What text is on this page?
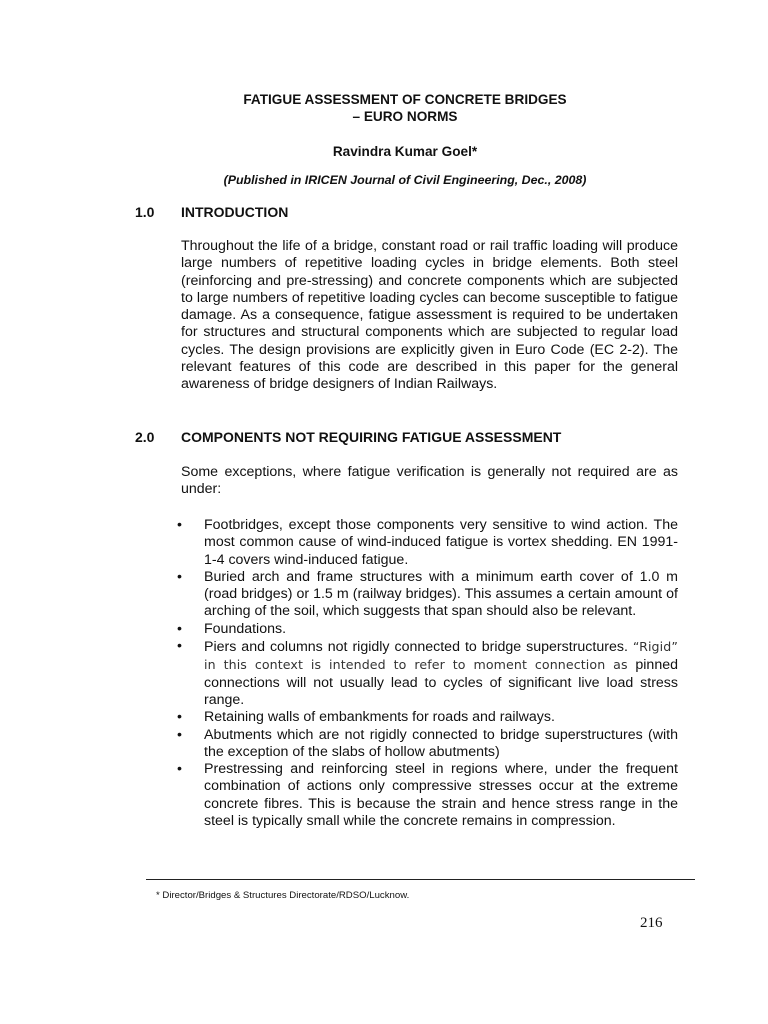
FATIGUE ASSESSMENT OF CONCRETE BRIDGES
– EURO NORMS
Ravindra Kumar Goel*
(Published in IRICEN Journal of Civil Engineering, Dec., 2008)
1.0 INTRODUCTION

Throughout the life of a bridge, constant road or rail traffic loading will produce large numbers of repetitive loading cycles in bridge elements. Both steel (reinforcing and pre-stressing) and concrete components which are subjected to large numbers of repetitive loading cycles can become susceptible to fatigue damage. As a consequence, fatigue assessment is required to be undertaken for structures and structural components which are subjected to regular load cycles. The design provisions are explicitly given in Euro Code (EC 2-2). The relevant features of this code are described in this paper for the general awareness of bridge designers of Indian Railways.

2.0 COMPONENTS NOT REQUIRING FATIGUE ASSESSMENT

Some exceptions, where fatigue verification is generally not required are as under:

• Footbridges, except those components very sensitive to wind action. The most common cause of wind-induced fatigue is vortex shedding. EN 1991-1-4 covers wind-induced fatigue.
• Buried arch and frame structures with a minimum earth cover of 1.0 m (road bridges) or 1.5 m (railway bridges). This assumes a certain amount of arching of the soil, which suggests that span should also be relevant.
• Foundations.
• Piers and columns not rigidly connected to bridge superstructures. “Rigid” in this context is intended to refer to moment connection as pinned connections will not usually lead to cycles of significant live load stress range.
• Retaining walls of embankments for roads and railways.
• Abutments which are not rigidly connected to bridge superstructures (with the exception of the slabs of hollow abutments)
• Prestressing and reinforcing steel in regions where, under the frequent combination of actions only compressive stresses occur at the extreme concrete fibres. This is because the strain and hence stress range in the steel is typically small while the concrete remains in compression.
* Director/Bridges & Structures Directorate/RDSO/Lucknow.
216
